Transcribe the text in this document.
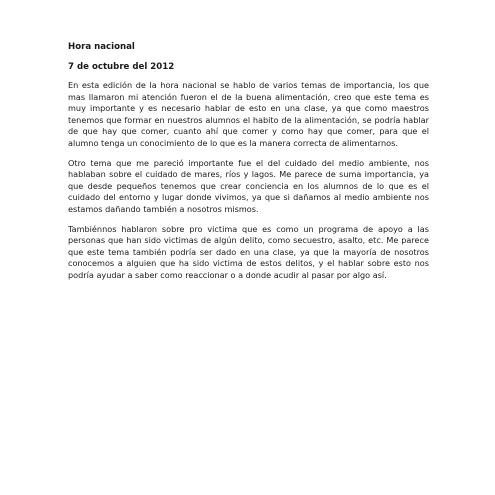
Hora nacional
7 de octubre del 2012

En esta edición de la hora nacional se hablo de varios temas de importancia, los que mas llamaron mi atención fueron el de la buena alimentación, creo que este tema es muy importante y es necesario hablar de esto en una clase, ya que como maestros tenemos que formar en nuestros alumnos el habito de la alimentación, se podría hablar de que hay que comer, cuanto ahí que comer y como hay que comer, para que el alumno tenga un conocimiento de lo que es la manera correcta de alimentarnos.

Otro tema que me pareció importante fue el del cuidado del medio ambiente, nos hablaban sobre el cuidado de mares, ríos y lagos. Me parece de suma importancia, ya que desde pequeños tenemos que crear conciencia en los alumnos de lo que es el cuidado del entorno y lugar donde vivimos, ya que si dañamos al medio ambiente nos estamos dañando también a nosotros mismos.

Tambiénnos hablaron sobre pro victima que es como un programa de apoyo a las personas que han sido victimas de algún delito, como secuestro, asalto, etc. Me parece que este tema también podría ser dado en una clase, ya que la mayoría de nosotros conocemos a alguien que ha sido victima de estos delitos, y el hablar sobre esto nos podría ayudar a saber como reaccionar o a donde acudir al pasar por algo así.
